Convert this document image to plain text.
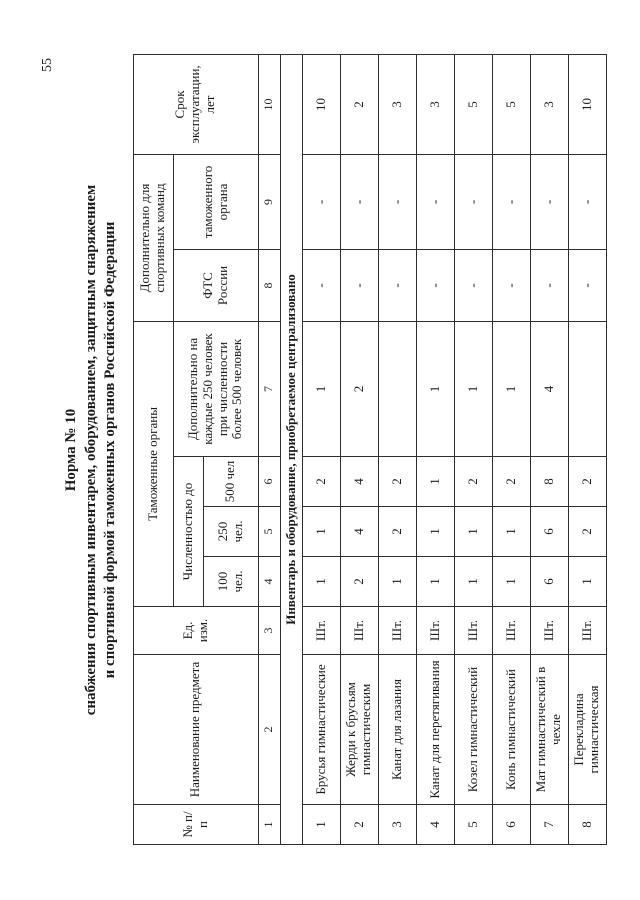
55
Норма № 10 снабжения спортивным инвентарем, оборудованием, защитным снаряжением и спортивной формой таможенных органов Российской Федерации
№ п/п	Наименование предмета	Ед. изм.	Таможенные органы				Дополнительно для спортивных команд		Срок эксплуатации, лет
			Численностью до			Дополнительно на каждые 250 человек при численности более 500 человек	ФТС России	таможенного органа	
			100 чел.	250 чел.	500 чел				
1	2	3	4	5	6	7	8	9	10
Инвентарь и оборудование, приобретаемое централизовано									
1	Брусья гимнастические	Шт.	1	1	2	1	-	-	10
2	Жерди к брусьям гимнастическим	Шт.	2	4	4	2	-	-	2
3	Канат для лазания	Шт.	1	2	2		-	-	3
4	Канат для перетягивания	Шт.	1	1	1	1	-	-	3
5	Козел гимнастический	Шт.	1	1	2	1	-	-	5
6	Конь гимнастический	Шт.	1	1	2	1	-	-	5
7	Мат гимнастический в чехле	Шт.	6	6	8	4	-	-	3
8	Перекладина гимнастическая	Шт.	1	2	2		-	-	10
